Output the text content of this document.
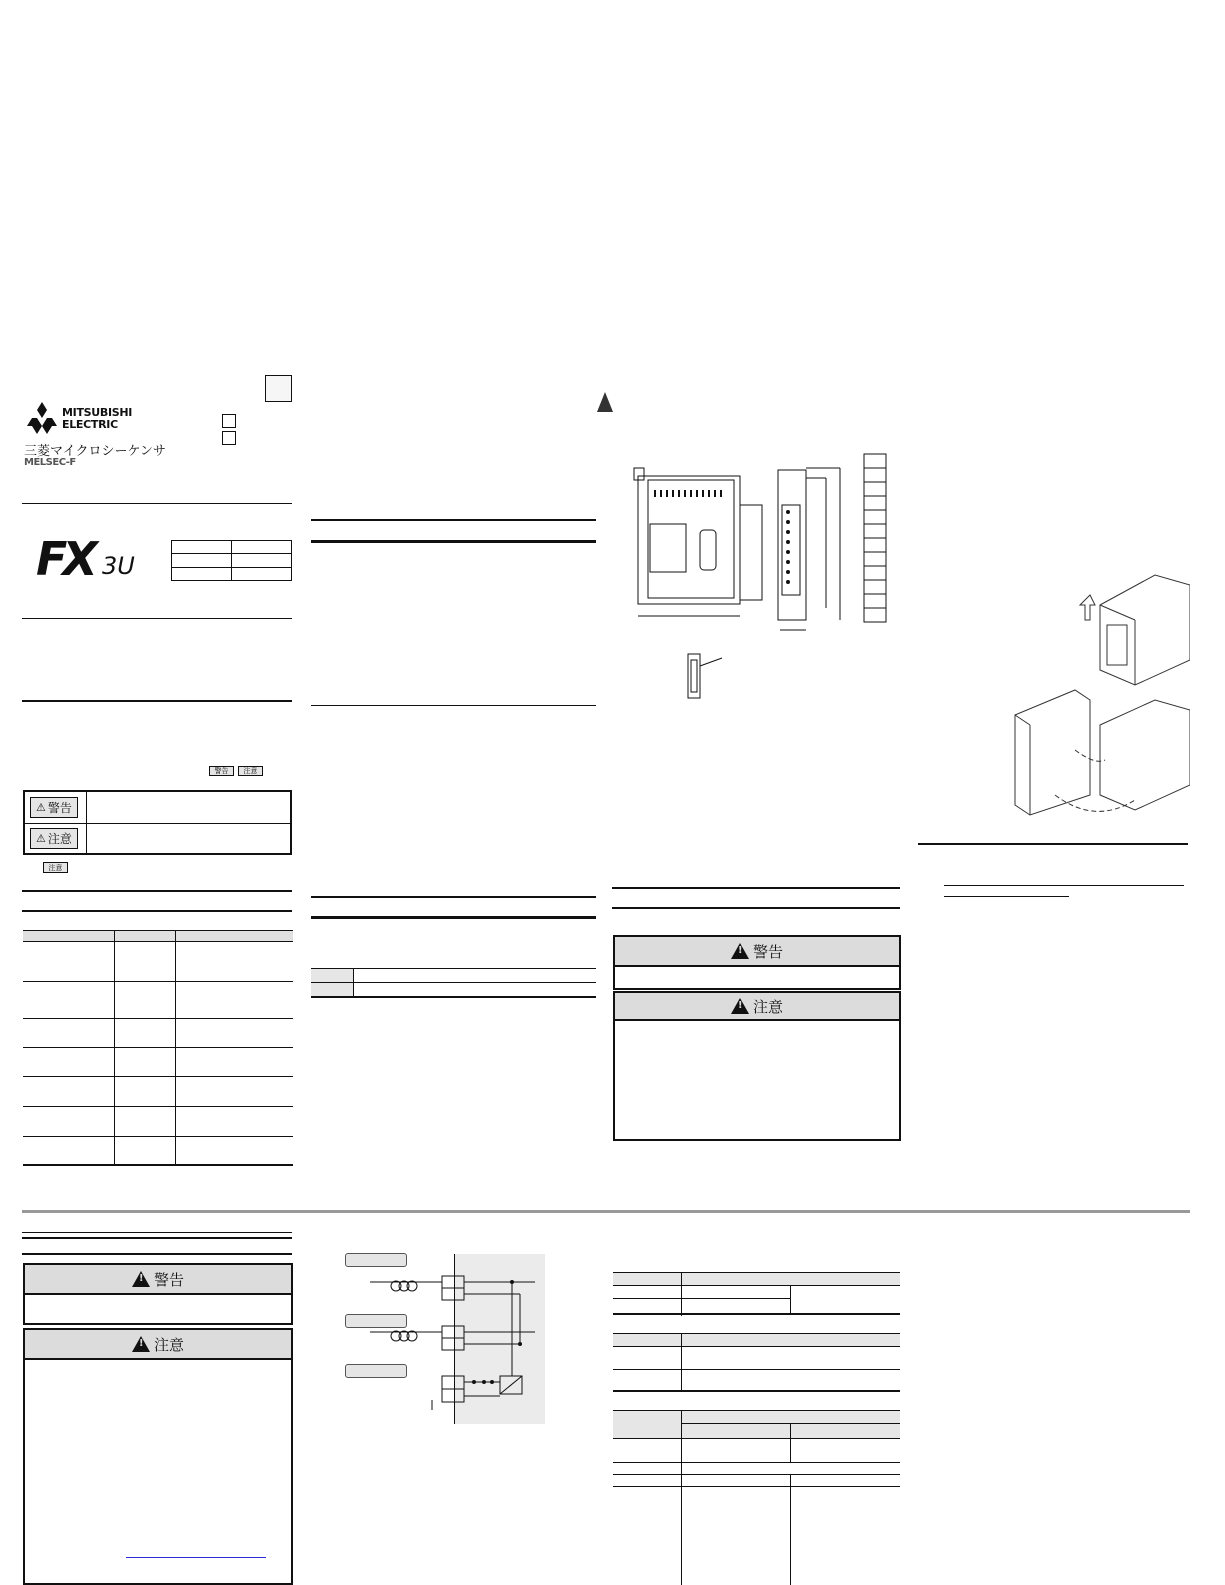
MITSUBISHI
ELECTRIC
三菱マイクロシーケンサ
MELSEC-F
FX 3U

警告	注意
⚠ 警告
⚠ 注意
注意
!
警告
!
注意
!
警告
!
注意
